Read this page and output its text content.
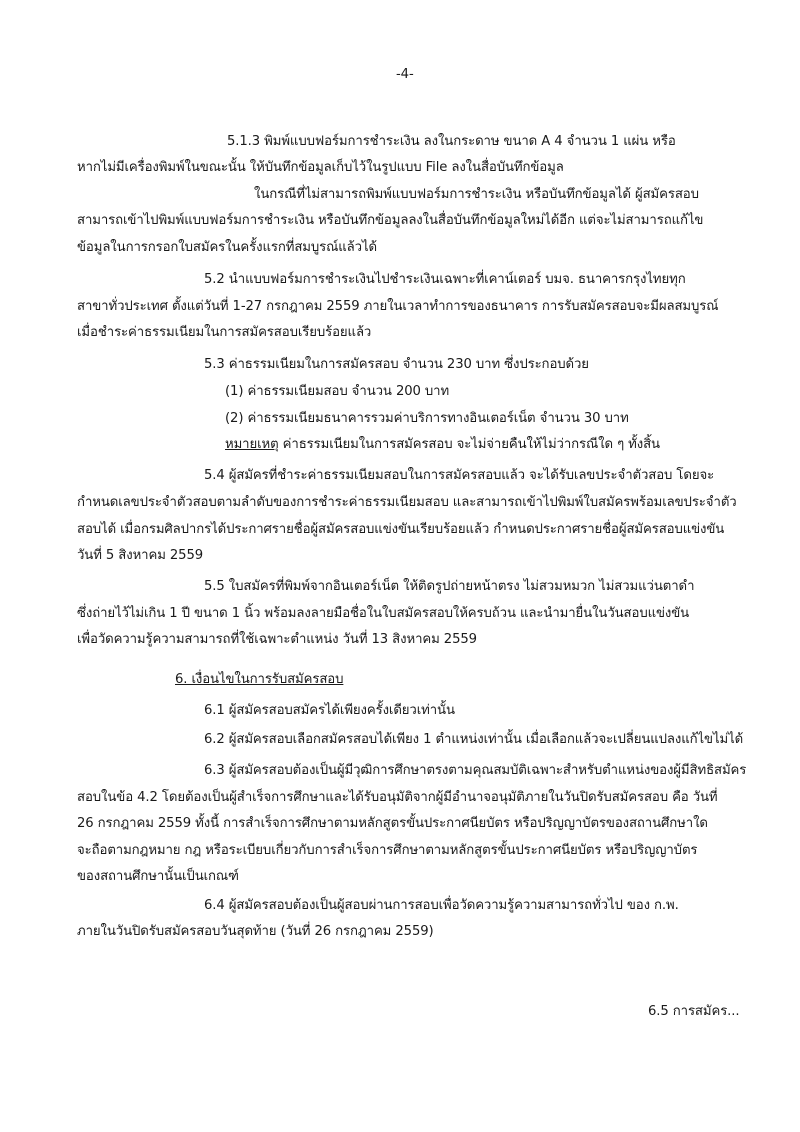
-4-
5.1.3 พิมพ์แบบฟอร์มการชำระเงิน ลงในกระดาษ ขนาด A 4 จำนวน 1 แผ่น หรือ
หากไม่มีเครื่องพิมพ์ในขณะนั้น ให้บันทึกข้อมูลเก็บไว้ในรูปแบบ File ลงในสื่อบันทึกข้อมูล
ในกรณีที่ไม่สามารถพิมพ์แบบฟอร์มการชำระเงิน หรือบันทึกข้อมูลได้ ผู้สมัครสอบ
สามารถเข้าไปพิมพ์แบบฟอร์มการชำระเงิน หรือบันทึกข้อมูลลงในสื่อบันทึกข้อมูลใหม่ได้อีก แต่จะไม่สามารถแก้ไข
ข้อมูลในการกรอกใบสมัครในครั้งแรกที่สมบูรณ์แล้วได้
5.2 นำแบบฟอร์มการชำระเงินไปชำระเงินเฉพาะที่เคาน์เตอร์ บมจ. ธนาคารกรุงไทยทุก
สาขาทั่วประเทศ ตั้งแต่วันที่ 1-27 กรกฎาคม 2559 ภายในเวลาทำการของธนาคาร การรับสมัครสอบจะมีผลสมบูรณ์
เมื่อชำระค่าธรรมเนียมในการสมัครสอบเรียบร้อยแล้ว
5.3 ค่าธรรมเนียมในการสมัครสอบ จำนวน 230 บาท ซึ่งประกอบด้วย
(1) ค่าธรรมเนียมสอบ จำนวน 200 บาท
(2) ค่าธรรมเนียมธนาคารรวมค่าบริการทางอินเตอร์เน็ต จำนวน 30 บาท
หมายเหตุ ค่าธรรมเนียมในการสมัครสอบ จะไม่จ่ายคืนให้ไม่ว่ากรณีใด ๆ ทั้งสิ้น
5.4 ผู้สมัครที่ชำระค่าธรรมเนียมสอบในการสมัครสอบแล้ว จะได้รับเลขประจำตัวสอบ โดยจะ
กำหนดเลขประจำตัวสอบตามลำดับของการชำระค่าธรรมเนียมสอบ และสามารถเข้าไปพิมพ์ใบสมัครพร้อมเลขประจำตัว
สอบได้ เมื่อกรมศิลปากรได้ประกาศรายชื่อผู้สมัครสอบแข่งขันเรียบร้อยแล้ว กำหนดประกาศรายชื่อผู้สมัครสอบแข่งขัน
วันที่ 5 สิงหาคม 2559
5.5 ใบสมัครที่พิมพ์จากอินเตอร์เน็ต ให้ติดรูปถ่ายหน้าตรง ไม่สวมหมวก ไม่สวมแว่นตาดำ
ซึ่งถ่ายไว้ไม่เกิน 1 ปี ขนาด 1 นิ้ว พร้อมลงลายมือชื่อในใบสมัครสอบให้ครบถ้วน และนำมายื่นในวันสอบแข่งขัน
เพื่อวัดความรู้ความสามารถที่ใช้เฉพาะตำแหน่ง วันที่ 13 สิงหาคม 2559
6. เงื่อนไขในการรับสมัครสอบ
6.1 ผู้สมัครสอบสมัครได้เพียงครั้งเดียวเท่านั้น
6.2 ผู้สมัครสอบเลือกสมัครสอบได้เพียง 1 ตำแหน่งเท่านั้น เมื่อเลือกแล้วจะเปลี่ยนแปลงแก้ไขไม่ได้
6.3 ผู้สมัครสอบต้องเป็นผู้มีวุฒิการศึกษาตรงตามคุณสมบัติเฉพาะสำหรับตำแหน่งของผู้มีสิทธิสมัคร
สอบในข้อ 4.2 โดยต้องเป็นผู้สำเร็จการศึกษาและได้รับอนุมัติจากผู้มีอำนาจอนุมัติภายในวันปิดรับสมัครสอบ คือ วันที่
26 กรกฎาคม 2559 ทั้งนี้ การสำเร็จการศึกษาตามหลักสูตรขั้นประกาศนียบัตร หรือปริญญาบัตรของสถานศึกษาใด
จะถือตามกฎหมาย กฎ หรือระเบียบเกี่ยวกับการสำเร็จการศึกษาตามหลักสูตรขั้นประกาศนียบัตร หรือปริญญาบัตร
ของสถานศึกษานั้นเป็นเกณฑ์
6.4 ผู้สมัครสอบต้องเป็นผู้สอบผ่านการสอบเพื่อวัดความรู้ความสามารถทั่วไป ของ ก.พ.
ภายในวันปิดรับสมัครสอบวันสุดท้าย (วันที่ 26 กรกฎาคม 2559)
6.5 การสมัคร...
